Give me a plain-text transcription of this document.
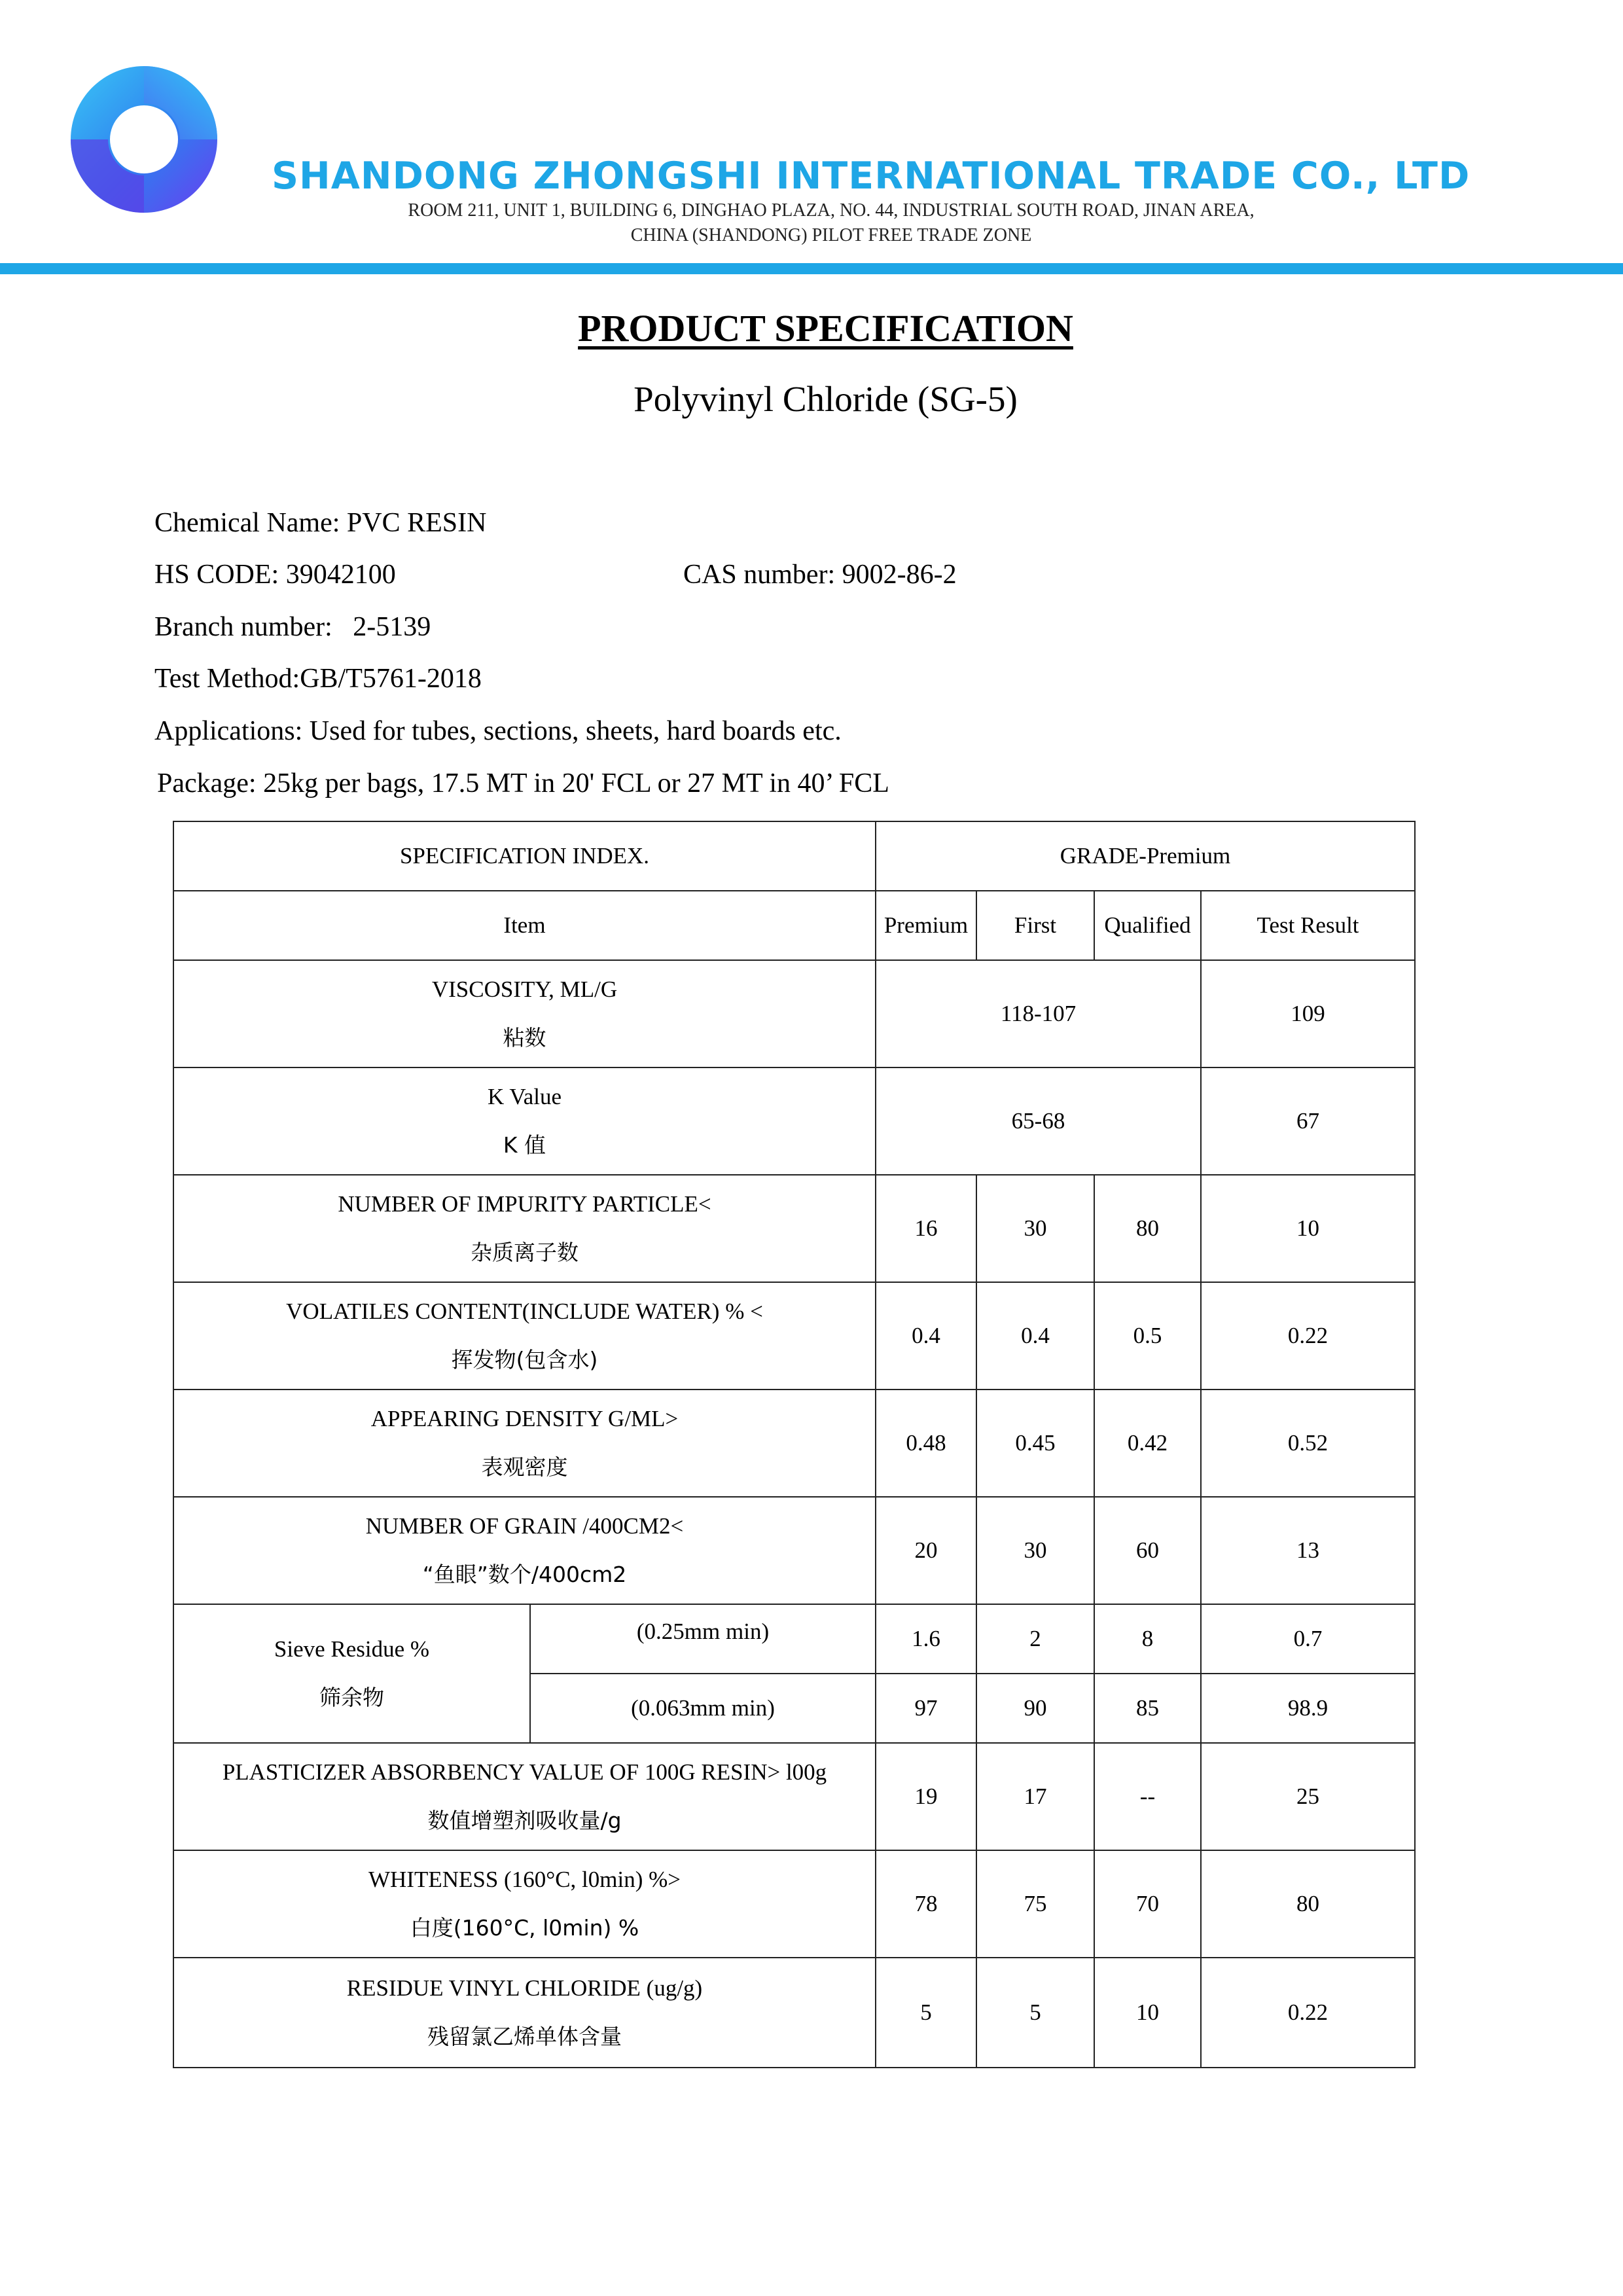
SHANDONG ZHONGSHI INTERNATIONAL TRADE CO., LTD
ROOM 211, UNIT 1, BUILDING 6, DINGHAO PLAZA, NO. 44, INDUSTRIAL SOUTH ROAD, JINAN AREA,
CHINA (SHANDONG) PILOT FREE TRADE ZONE
PRODUCT SPECIFICATION
Polyvinyl Chloride (SG-5)
Chemical Name: PVC RESIN
HS CODE: 39042100	CAS number: 9002-86-2
Branch number:   2-5139
Test Method:GB/T5761-2018
Applications: Used for tubes, sections, sheets, hard boards etc.
Package: 25kg per bags, 17.5 MT in 20' FCL or 27 MT in 40’ FCL
SPECIFICATION INDEX.		GRADE-Premium			
Item		Premium	First	Qualified	Test Result

VISCOSITY, ML/G
粘数		118-107			109

K Value
K 值		65-68			67

NUMBER OF IMPURITY PARTICLE<
杂质离子数		16	30	80	10

VOLATILES CONTENT(INCLUDE WATER) % <
挥发物(包含水)		0.4	0.4	0.5	0.22

APPEARING DENSITY G/ML>
表观密度		0.48	0.45	0.42	0.52

NUMBER OF GRAIN /400CM2<
“鱼眼”数个/400cm2		20	30	60	13

Sieve Residue %
筛余物	(0.25mm min)	1.6	2	8	0.7
	(0.063mm min)	97	90	85	98.9

PLASTICIZER ABSORBENCY VALUE OF 100G RESIN> l00g
数值增塑剂吸收量/g		19	17	--	25

WHITENESS (160°C, l0min) %>
白度(160°C, l0min) %		78	75	70	80

RESIDUE VINYL CHLORIDE (ug/g)
残留氯乙烯单体含量		5	5	10	0.22
